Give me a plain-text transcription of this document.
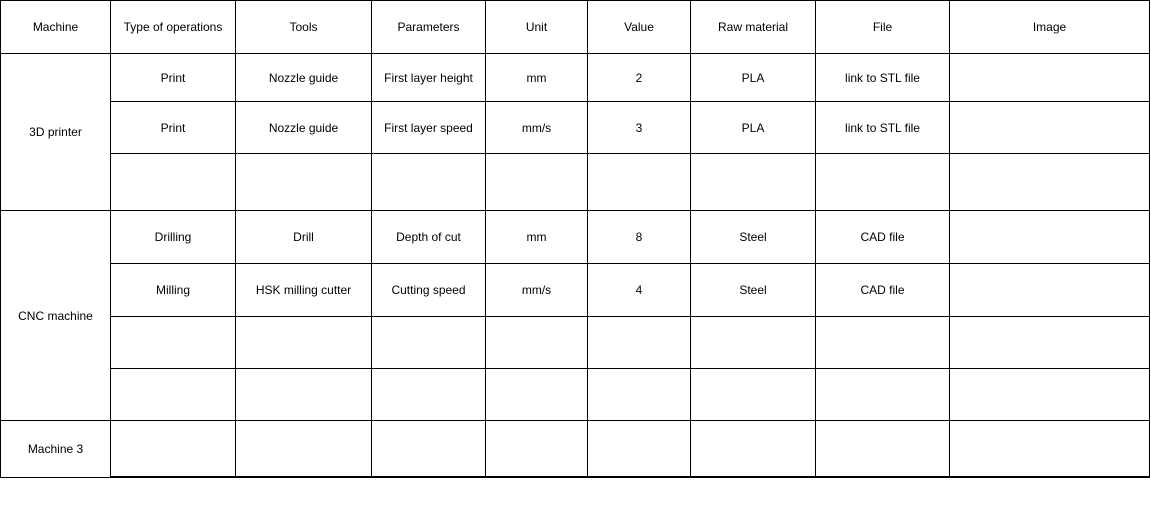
Machine	Type of operations	Tools	Parameters	Unit	Value	Raw material	File	Image
3D printer
Print	Nozzle guide	First layer height	mm	2	PLA	link to STL file
Print	Nozzle guide	First layer speed	mm/s	3	PLA	link to STL file
CNC machine
Drilling	Drill	Depth of cut	mm	8	Steel	CAD file
Milling	HSK milling cutter	Cutting speed	mm/s	4	Steel	CAD file
Machine 3
